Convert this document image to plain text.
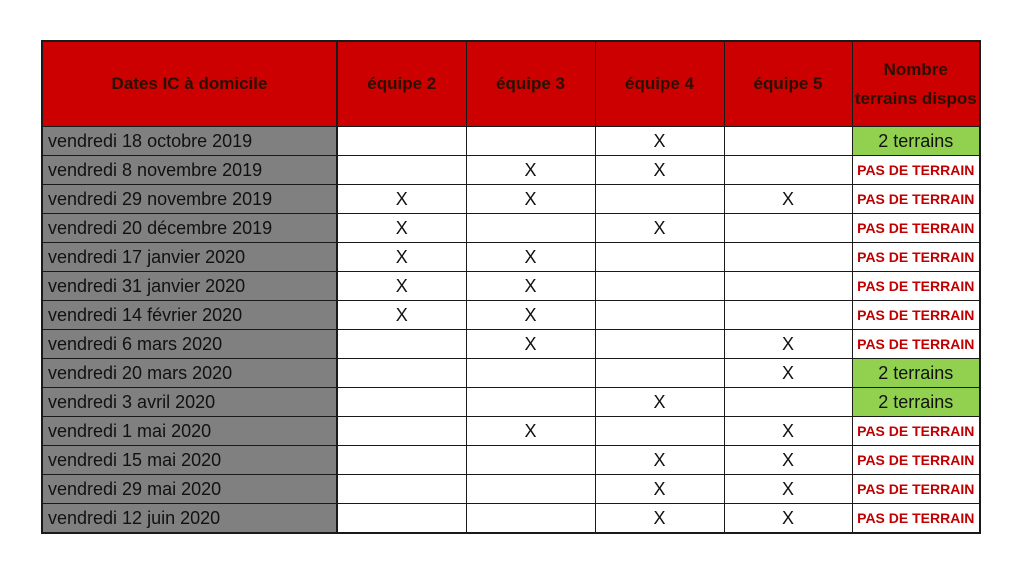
Dates IC à domicile	équipe 2	équipe 3	équipe 4	équipe 5	Nombre terrains dispos
vendredi 18 octobre 2019			X		2 terrains
vendredi 8 novembre 2019		X	X		PAS DE TERRAIN
vendredi 29 novembre 2019	X	X		X	PAS DE TERRAIN
vendredi 20 décembre 2019	X		X		PAS DE TERRAIN
vendredi 17 janvier 2020	X	X			PAS DE TERRAIN
vendredi 31 janvier 2020	X	X			PAS DE TERRAIN
vendredi 14 février 2020	X	X			PAS DE TERRAIN
vendredi 6 mars 2020		X		X	PAS DE TERRAIN
vendredi 20 mars 2020				X	2 terrains
vendredi 3 avril 2020			X		2 terrains
vendredi 1 mai 2020		X		X	PAS DE TERRAIN
vendredi 15 mai 2020			X	X	PAS DE TERRAIN
vendredi 29 mai 2020			X	X	PAS DE TERRAIN
vendredi 12 juin 2020			X	X	PAS DE TERRAIN
